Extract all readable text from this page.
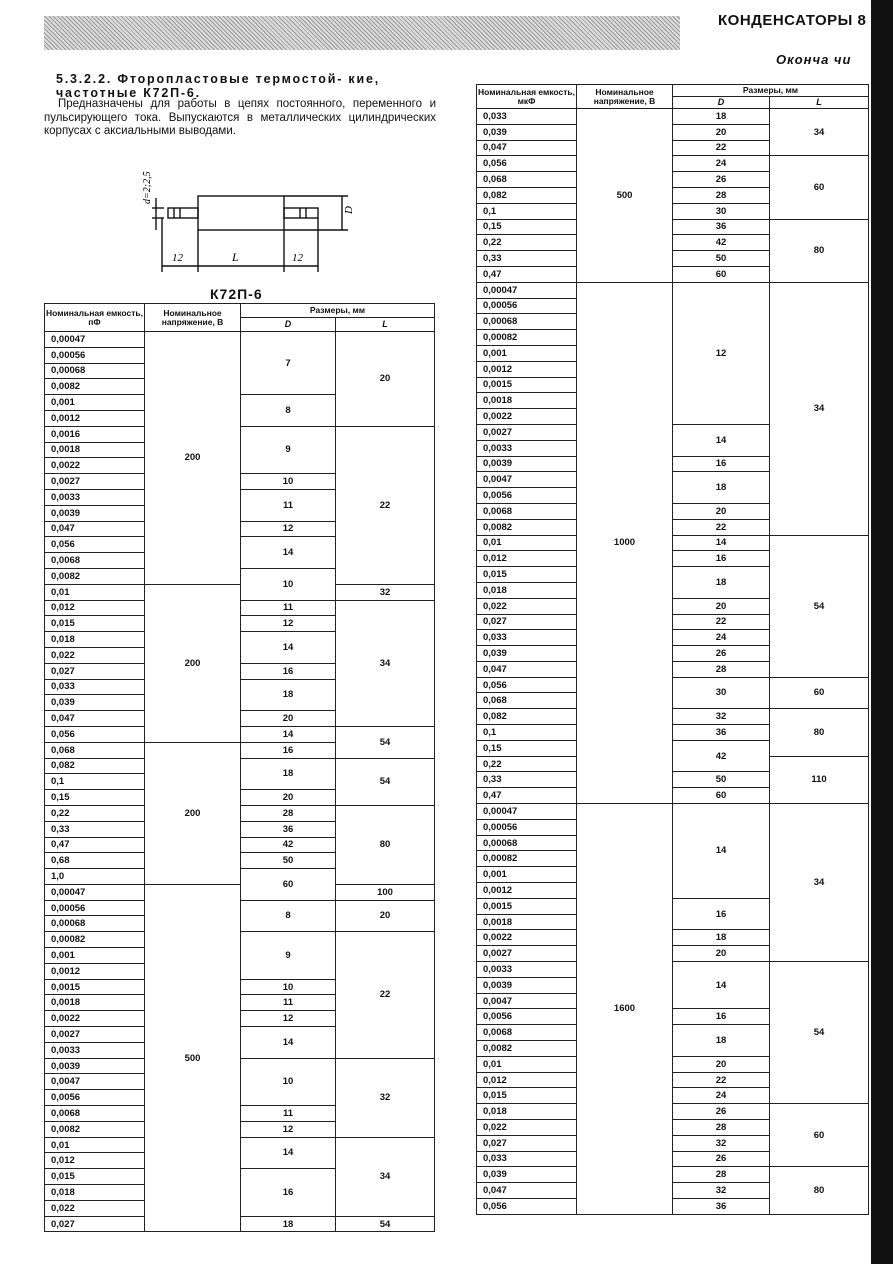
КОНДЕНСАТОРЫ 8
Оконча чи
5.3.2.2. Фторопластовые термостой- кие, частотные К72П-6.
Предназначены для работы в цепях постоянного, переменного и пульсирующего тока. Выпускаются в металлических цилиндрических корпусах с аксиальными выводами.
12	L	12
D
d=2;2,5
К72П-6
Номинальная емкость, пФ	Номинальное напряжение, В	Размеры, мм	
		D	L
0,00047	200	7	20
0,00056			
0,00068			
0,0082			
0,001		8	
0,0012			
0,0016		9	22
0,0018			
0,0022			
0,0027		10	
0,0033		11	
0,0039			
0,047		12	
0,056		14	
0,0068			
0,0082		10	
0,01	200		32
0,012		11	34
0,015		12	
0,018		14	
0,022			
0,027		16	
0,033		18	
0,039			
0,047		20	
0,056		14	54
0,068	200	16	
0,082		18	54
0,1			
0,15		20	
0,22		28	80
0,33		36	
0,47		42	
0,68		50	
1,0		60	
0,00047	500		100
0,00056		8	20
0,00068			
0,00082		9	22
0,001			
0,0012			
0,0015		10	
0,0018		11	
0,0022		12	
0,0027		14	
0,0033			
0,0039		10	32
0,0047			
0,0056			
0,0068		11	
0,0082		12	
0,01		14	34
0,012			
0,015		16	
0,018			
0,022			
0,027		18	54
Номинальная емкость, мкФ	Номинальное напряжение, В	Размеры, мм	
		D	L
0,033	500	18	34
0,039		20	
0,047		22	
0,056		24	60
0,068		26	
0,082		28	
0,1		30	
0,15		36	80
0,22		42	
0,33		50	
0,47		60	
0,00047	1000	12	34
0,00056			
0,00068			
0,00082			
0,001			
0,0012			
0,0015			
0,0018			
0,0022			
0,0027		14	
0,0033			
0,0039		16	
0,0047		18	
0,0056			
0,0068		20	
0,0082		22	
0,01		14	54
0,012		16	
0,015		18	
0,018			
0,022		20	
0,027		22	
0,033		24	
0,039		26	
0,047		28	
0,056		30	60
0,068			
0,082		32	80
0,1		36	
0,15		42	
0,22			110
0,33		50	
0,47		60	
0,00047	1600	14	34
0,00056			
0,00068			
0,00082			
0,001			
0,0012			
0,0015		16	
0,0018			
0,0022		18	
0,0027		20	
0,0033		14	54
0,0039			
0,0047			
0,0056		16	
0,0068		18	
0,0082			
0,01		20	
0,012		22	
0,015		24	
0,018		26	60
0,022		28	
0,027		32	
0,033		26	
0,039		28	80
0,047		32	
0,056		36	
